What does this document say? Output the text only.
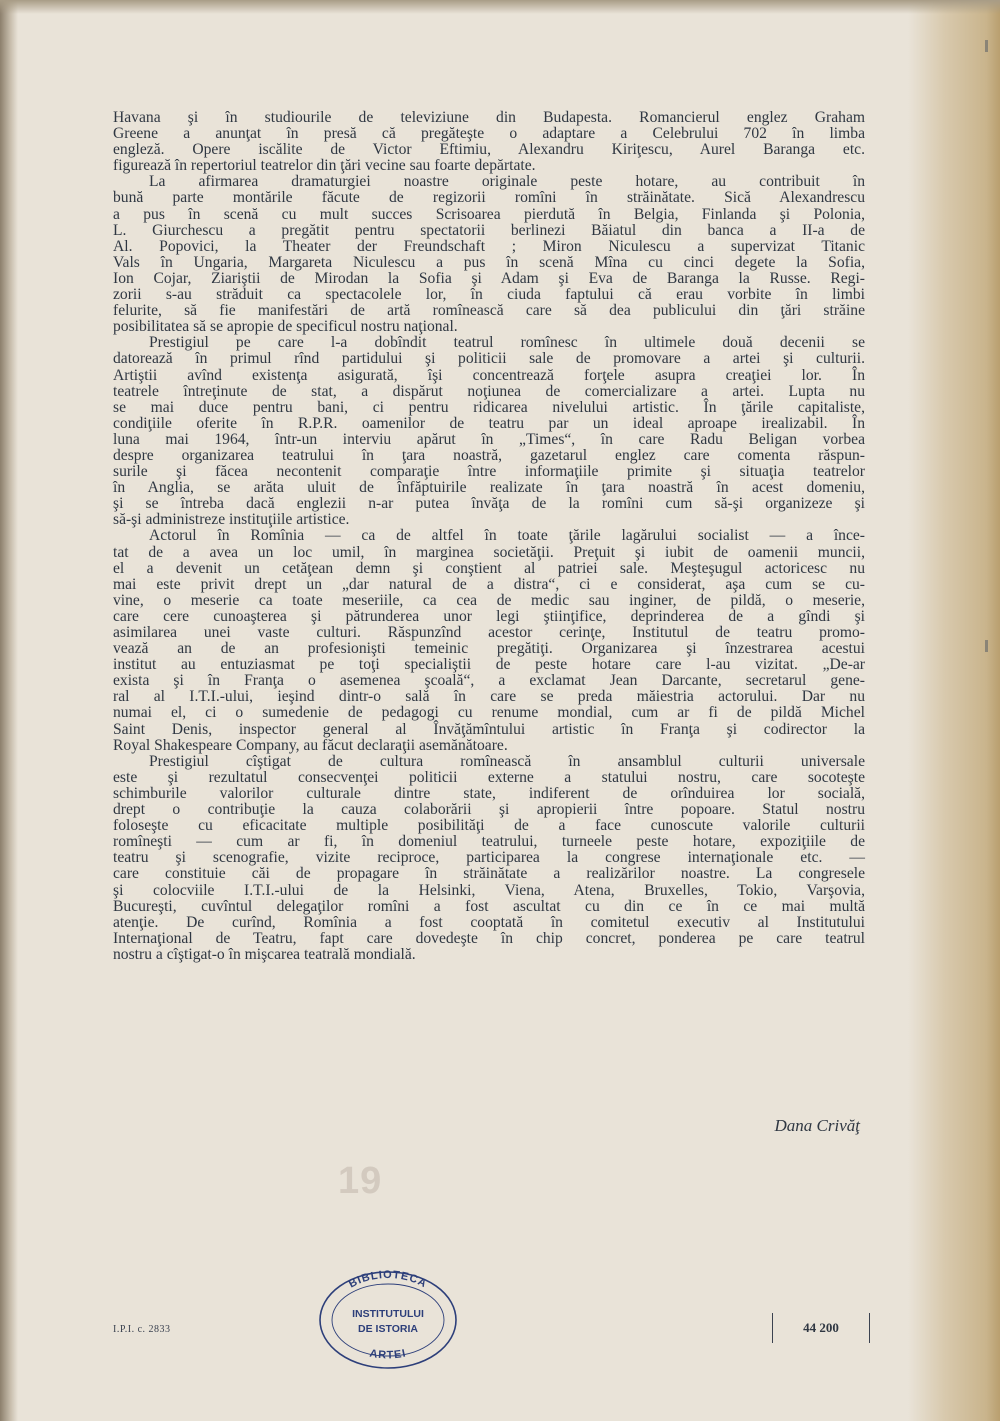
Havana şi în studiourile de televiziune din Budapesta. Romancierul englez Graham
Greene a anunţat în presă că pregăteşte o adaptare a Celebrului 702 în limba
engleză. Opere iscălite de Victor Eftimiu, Alexandru Kiriţescu, Aurel Baranga etc.
figurează în repertoriul teatrelor din ţări vecine sau foarte depărtate.
La afirmarea dramaturgiei noastre originale peste hotare, au contribuit în
bună parte montările făcute de regizorii romîni în străinătate. Sică Alexandrescu
a pus în scenă cu mult succes Scrisoarea pierdută în Belgia, Finlanda şi Polonia,
L. Giurchescu a pregătit pentru spectatorii berlinezi Băiatul din banca a II-a de
Al. Popovici, la Theater der Freundschaft ; Miron Niculescu a supervizat Titanic
Vals în Ungaria, Margareta Niculescu a pus în scenă Mîna cu cinci degete la Sofia,
Ion Cojar, Ziariştii de Mirodan la Sofia şi Adam şi Eva de Baranga la Russe. Regi-
zorii s-au străduit ca spectacolele lor, în ciuda faptului că erau vorbite în limbi
felurite, să fie manifestări de artă romînească care să dea publicului din ţări străine
posibilitatea să se apropie de specificul nostru naţional.
Prestigiul pe care l-a dobîndit teatrul romînesc în ultimele două decenii se
datorează în primul rînd partidului şi politicii sale de promovare a artei şi culturii.
Artiştii avînd existenţa asigurată, îşi concentrează forţele asupra creaţiei lor. În
teatrele întreţinute de stat, a dispărut noţiunea de comercializare a artei. Lupta nu
se mai duce pentru bani, ci pentru ridicarea nivelului artistic. În ţările capitaliste,
condiţiile oferite în R.P.R. oamenilor de teatru par un ideal aproape irealizabil. În
luna mai 1964, într-un interviu apărut în „Times“, în care Radu Beligan vorbea
despre organizarea teatrului în ţara noastră, gazetarul englez care comenta răspun-
surile şi făcea necontenit comparaţie între informaţiile primite şi situaţia teatrelor
în Anglia, se arăta uluit de înfăptuirile realizate în ţara noastră în acest domeniu,
şi se întreba dacă englezii n-ar putea învăţa de la romîni cum să-şi organizeze şi
să-şi administreze instituţiile artistice.
Actorul în Romînia — ca de altfel în toate ţările lagărului socialist — a înce-
tat de a avea un loc umil, în marginea societăţii. Preţuit şi iubit de oamenii muncii,
el a devenit un cetăţean demn şi conştient al patriei sale. Meşteşugul actoricesc nu
mai este privit drept un „dar natural de a distra“, ci e considerat, aşa cum se cu-
vine, o meserie ca toate meseriile, ca cea de medic sau inginer, de pildă, o meserie,
care cere cunoaşterea şi pătrunderea unor legi ştiinţifice, deprinderea de a gîndi şi
asimilarea unei vaste culturi. Răspunzînd acestor cerinţe, Institutul de teatru promo-
vează an de an profesionişti temeinic pregătiţi. Organizarea şi înzestrarea acestui
institut au entuziasmat pe toţi specialiştii de peste hotare care l-au vizitat. „De-ar
exista şi în Franţa o asemenea şcoală“, a exclamat Jean Darcante, secretarul gene-
ral al I.T.I.-ului, ieşind dintr-o sală în care se preda măiestria actorului. Dar nu
numai el, ci o sumedenie de pedagogi cu renume mondial, cum ar fi de pildă Michel
Saint Denis, inspector general al Învăţămîntului artistic în Franţa şi codirector la
Royal Shakespeare Company, au făcut declaraţii asemănătoare.
Prestigiul cîştigat de cultura romînească în ansamblul culturii universale
este şi rezultatul consecvenţei politicii externe a statului nostru, care socoteşte
schimburile valorilor culturale dintre state, indiferent de orînduirea lor socială,
drept o contribuţie la cauza colaborării şi apropierii între popoare. Statul nostru
foloseşte cu eficacitate multiple posibilităţi de a face cunoscute valorile culturii
romîneşti — cum ar fi, în domeniul teatrului, turneele peste hotare, expoziţiile de
teatru şi scenografie, vizite reciproce, participarea la congrese internaţionale etc. —
care constituie căi de propagare în străinătate a realizărilor noastre. La congresele
şi colocviile I.T.I.-ului de la Helsinki, Viena, Atena, Bruxelles, Tokio, Varşovia,
Bucureşti, cuvîntul delegaţilor romîni a fost ascultat cu din ce în ce mai multă
atenţie. De curînd, Romînia a fost cooptată în comitetul executiv al Institutului
Internaţional de Teatru, fapt care dovedeşte în chip concret, ponderea pe care teatrul
nostru a cîştigat-o în mişcarea teatrală mondială.
Dana Crivăţ
19
BIBLIOTECA
INSTITUTULUI
DE ISTORIA
ARTEI
I.P.I. c. 2833	44 200
